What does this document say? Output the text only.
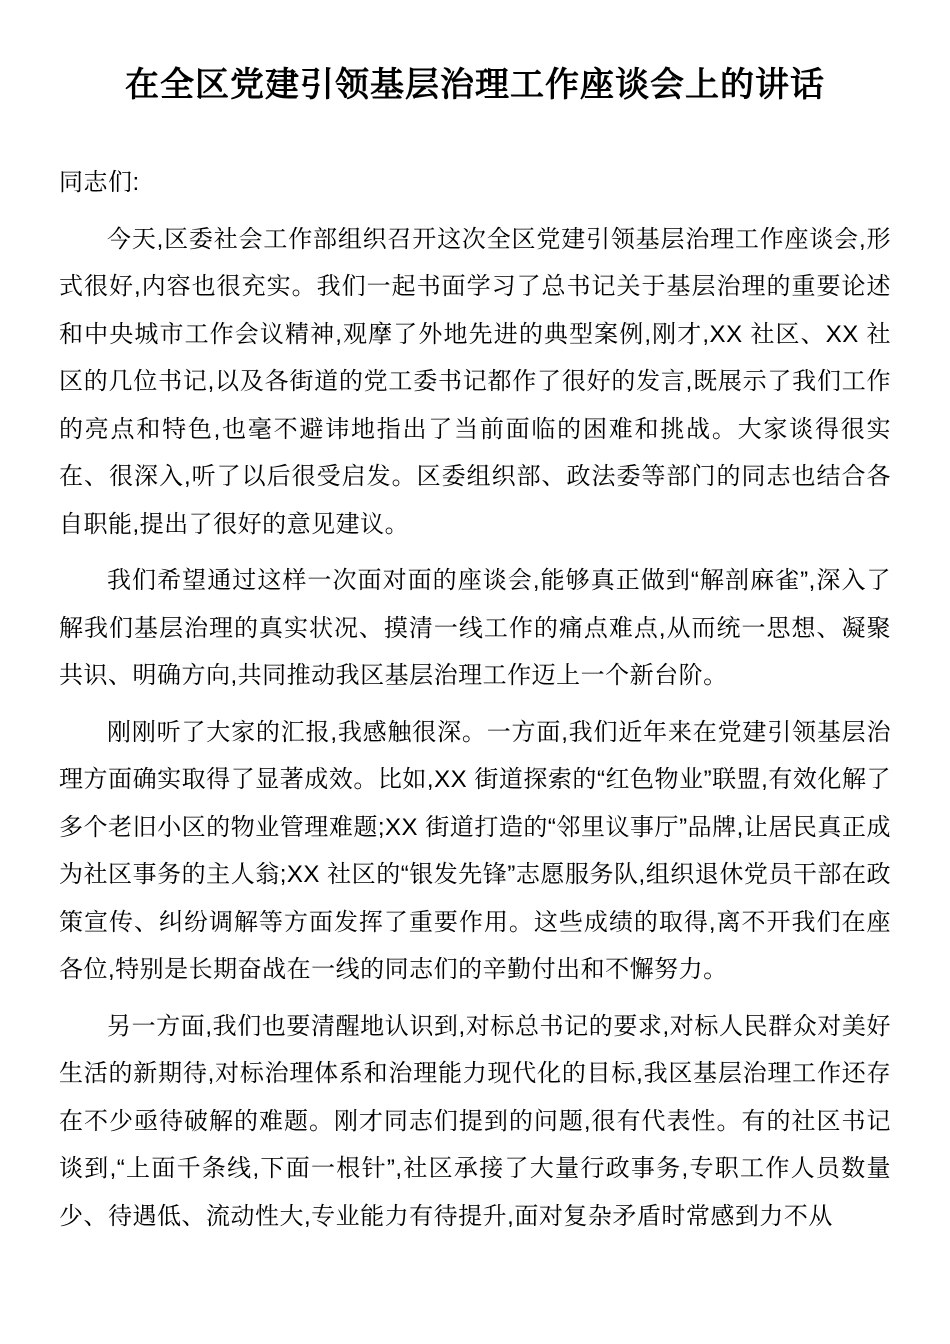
在全区党建引领基层治理工作座谈会上的讲话

同志们:

今天,区委社会工作部组织召开这次全区党建引领基层治理工作座谈会,形式很好,内容也很充实。我们一起书面学习了总书记关于基层治理的重要论述和中央城市工作会议精神,观摩了外地先进的典型案例,刚才,XX 社区、XX 社区的几位书记,以及各街道的党工委书记都作了很好的发言,既展示了我们工作的亮点和特色,也毫不避讳地指出了当前面临的困难和挑战。大家谈得很实在、很深入,听了以后很受启发。区委组织部、政法委等部门的同志也结合各自职能,提出了很好的意见建议。

我们希望通过这样一次面对面的座谈会,能够真正做到“解剖麻雀”,深入了解我们基层治理的真实状况、摸清一线工作的痛点难点,从而统一思想、凝聚共识、明确方向,共同推动我区基层治理工作迈上一个新台阶。

刚刚听了大家的汇报,我感触很深。一方面,我们近年来在党建引领基层治理方面确实取得了显著成效。比如,XX 街道探索的“红色物业”联盟,有效化解了多个老旧小区的物业管理难题;XX 街道打造的“邻里议事厅”品牌,让居民真正成为社区事务的主人翁;XX 社区的“银发先锋”志愿服务队,组织退休党员干部在政策宣传、纠纷调解等方面发挥了重要作用。这些成绩的取得,离不开我们在座各位,特别是长期奋战在一线的同志们的辛勤付出和不懈努力。

另一方面,我们也要清醒地认识到,对标总书记的要求,对标人民群众对美好生活的新期待,对标治理体系和治理能力现代化的目标,我区基层治理工作还存在不少亟待破解的难题。刚才同志们提到的问题,很有代表性。有的社区书记谈到,“上面千条线,下面一根针”,社区承接了大量行政事务,专职工作人员数量少、待遇低、流动性大,专业能力有待提升,面对复杂矛盾时常感到力不从
